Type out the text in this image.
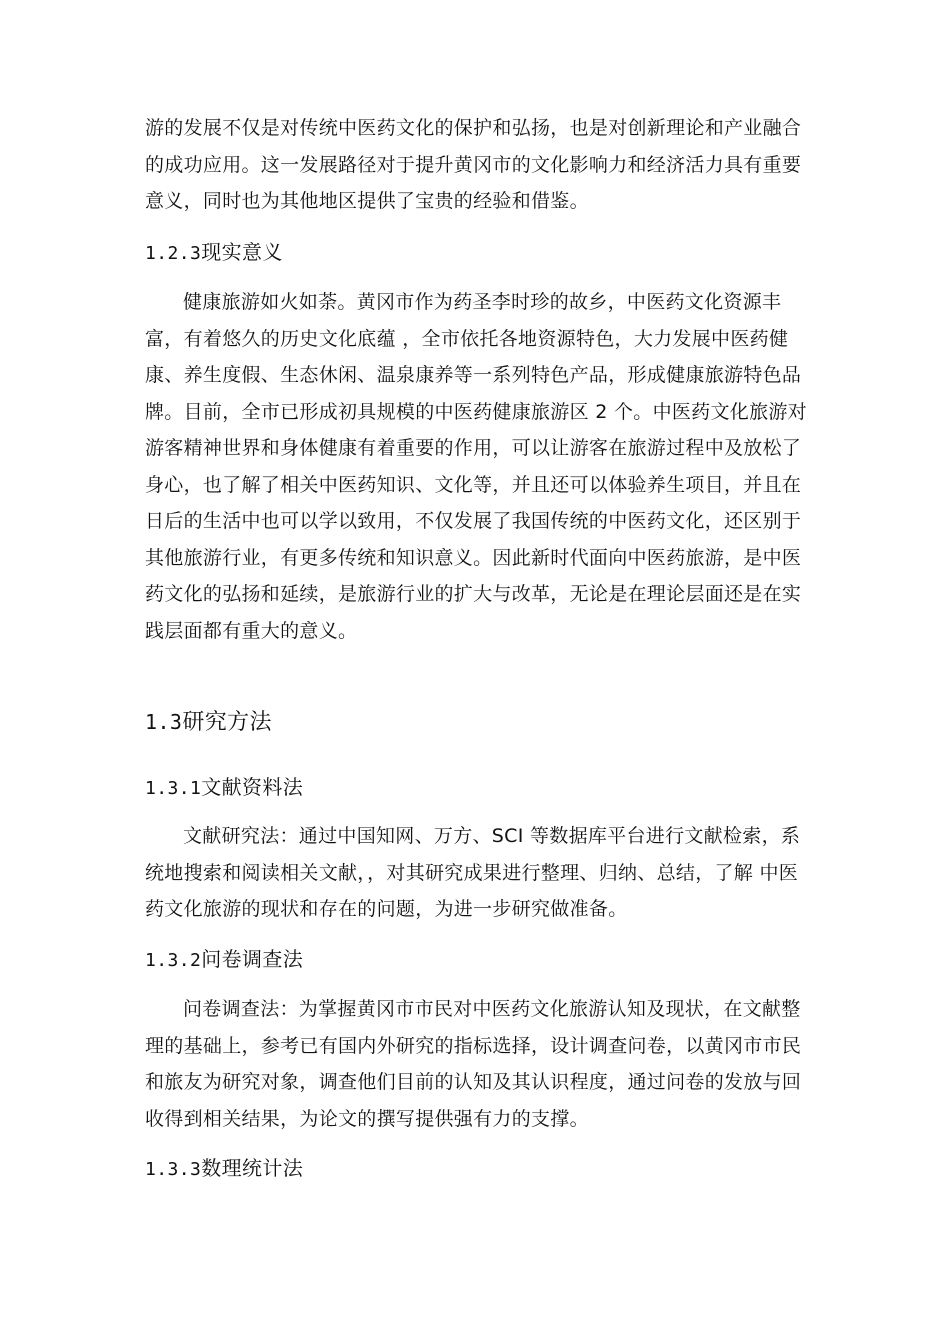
游的发展不仅是对传统中医药文化的保护和弘扬，也是对创新理论和产业融合
的成功应用。这一发展路径对于提升黄冈市的文化影响力和经济活力具有重要
意义，同时也为其他地区提供了宝贵的经验和借鉴。

1.2.3现实意义

健康旅游如火如荼。黄冈市作为药圣李时珍的故乡，中医药文化资源丰
富，有着悠久的历史文化底蕴 ，全市依托各地资源特色，大力发展中医药健
康、养生度假、生态休闲、温泉康养等一系列特色产品，形成健康旅游特色品
牌。目前，全市已形成初具规模的中医药健康旅游区 2 个。中医药文化旅游对
游客精神世界和身体健康有着重要的作用，可以让游客在旅游过程中及放松了
身心，也了解了相关中医药知识、文化等，并且还可以体验养生项目，并且在
日后的生活中也可以学以致用，不仅发展了我国传统的中医药文化，还区别于
其他旅游行业，有更多传统和知识意义。因此新时代面向中医药旅游，是中医
药文化的弘扬和延续，是旅游行业的扩大与改革，无论是在理论层面还是在实
践层面都有重大的意义。

1.3研究方法
1.3.1文献资料法

文献研究法：通过中国知网、万方、SCI 等数据库平台进行文献检索，系
统地搜索和阅读相关文献，，对其研究成果进行整理、归纳、总结，了解 中医
药文化旅游的现状和存在的问题，为进一步研究做准备。

1.3.2问卷调查法

问卷调查法：为掌握黄冈市市民对中医药文化旅游认知及现状，在文献整
理的基础上，参考已有国内外研究的指标选择，设计调查问卷，以黄冈市市民
和旅友为研究对象，调查他们目前的认知及其认识程度，通过问卷的发放与回
收得到相关结果，为论文的撰写提供强有力的支撑。

1.3.3数理统计法
